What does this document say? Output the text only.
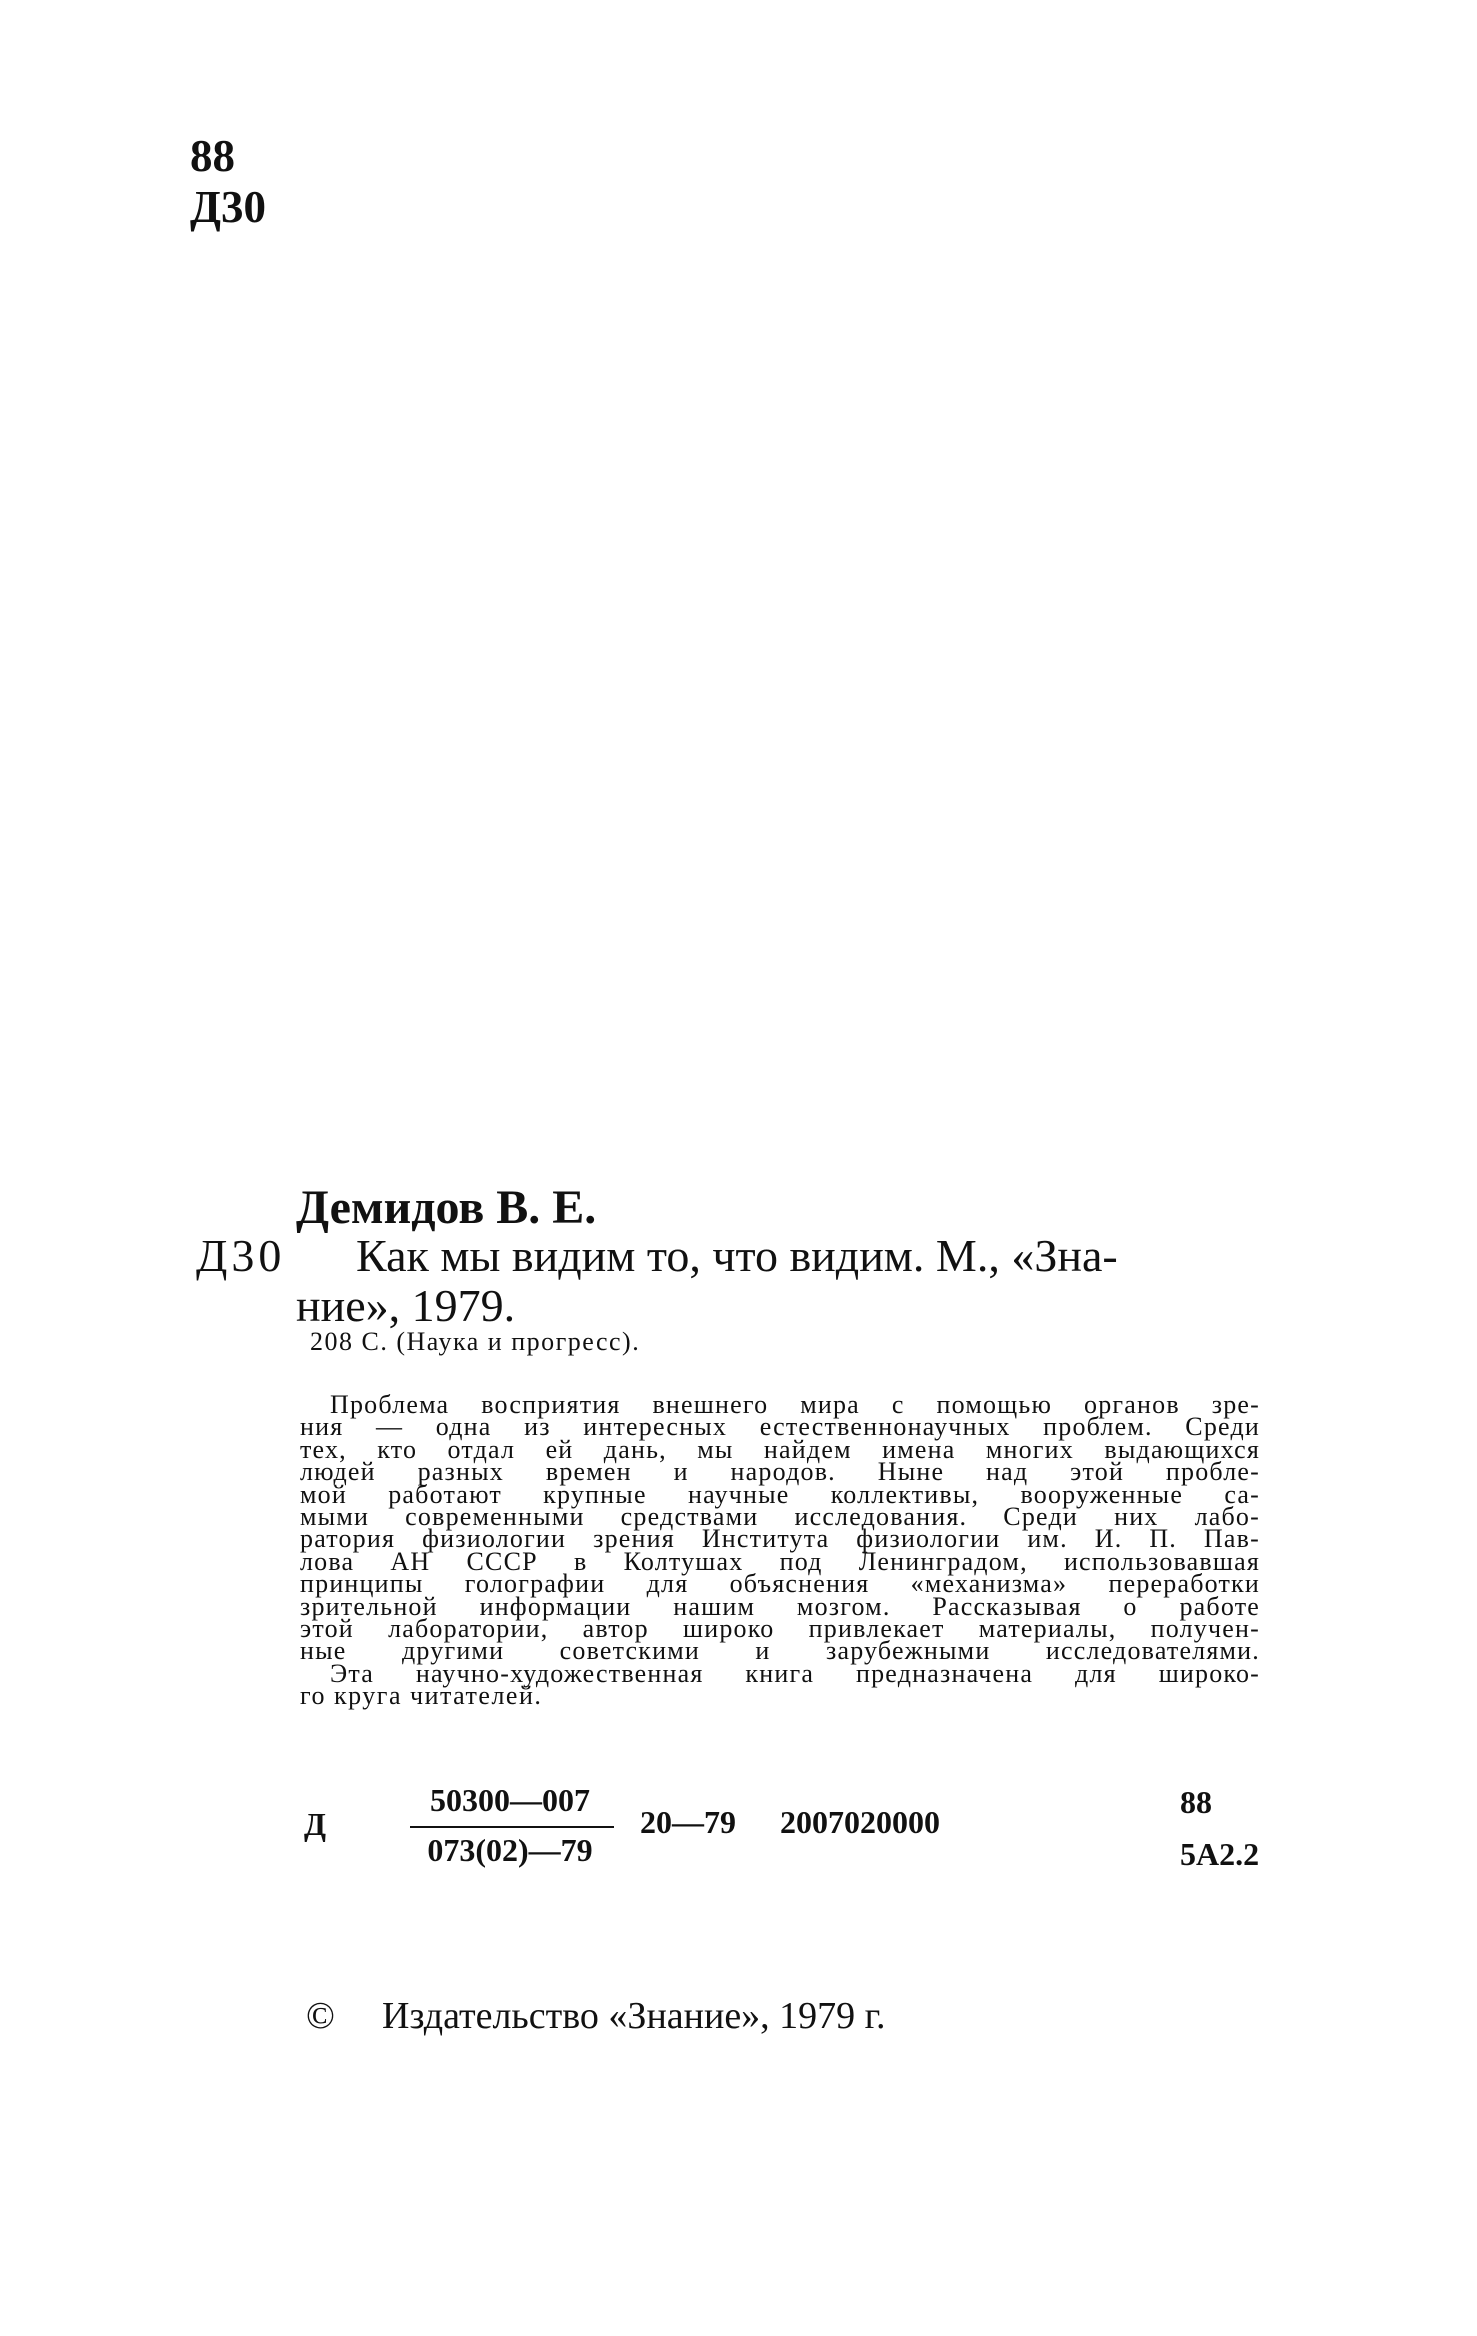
88
Д30
Демидов В. Е.
Д30 Как мы видим то, что видим. М., «Зна-
ние», 1979.
208 С. (Наука и прогресс).
Проблема восприятия внешнего мира с помощью органов зре-
ния — одна из интересных естественнонаучных проблем. Среди
тех, кто отдал ей дань, мы найдем имена многих выдающихся
людей разных времен и народов. Ныне над этой пробле-
мой работают крупные научные коллективы, вооруженные са-
мыми современными средствами исследования. Среди них лабо-
ратория физиологии зрения Института физиологии им. И. П. Пав-
лова АН СССР в Колтушах под Ленинградом, использовавшая
принципы голографии для объяснения «механизма» переработки
зрительной информации нашим мозгом. Рассказывая о работе
этой лаборатории, автор широко привлекает материалы, получен-
ные другими советскими и зарубежными исследователями.
Эта научно-художественная книга предназначена для широко-
го круга читателей.
Д
50300—007
073(02)—79
20—79 2007020000
88
5А2.2
© Издательство «Знание», 1979 г.
